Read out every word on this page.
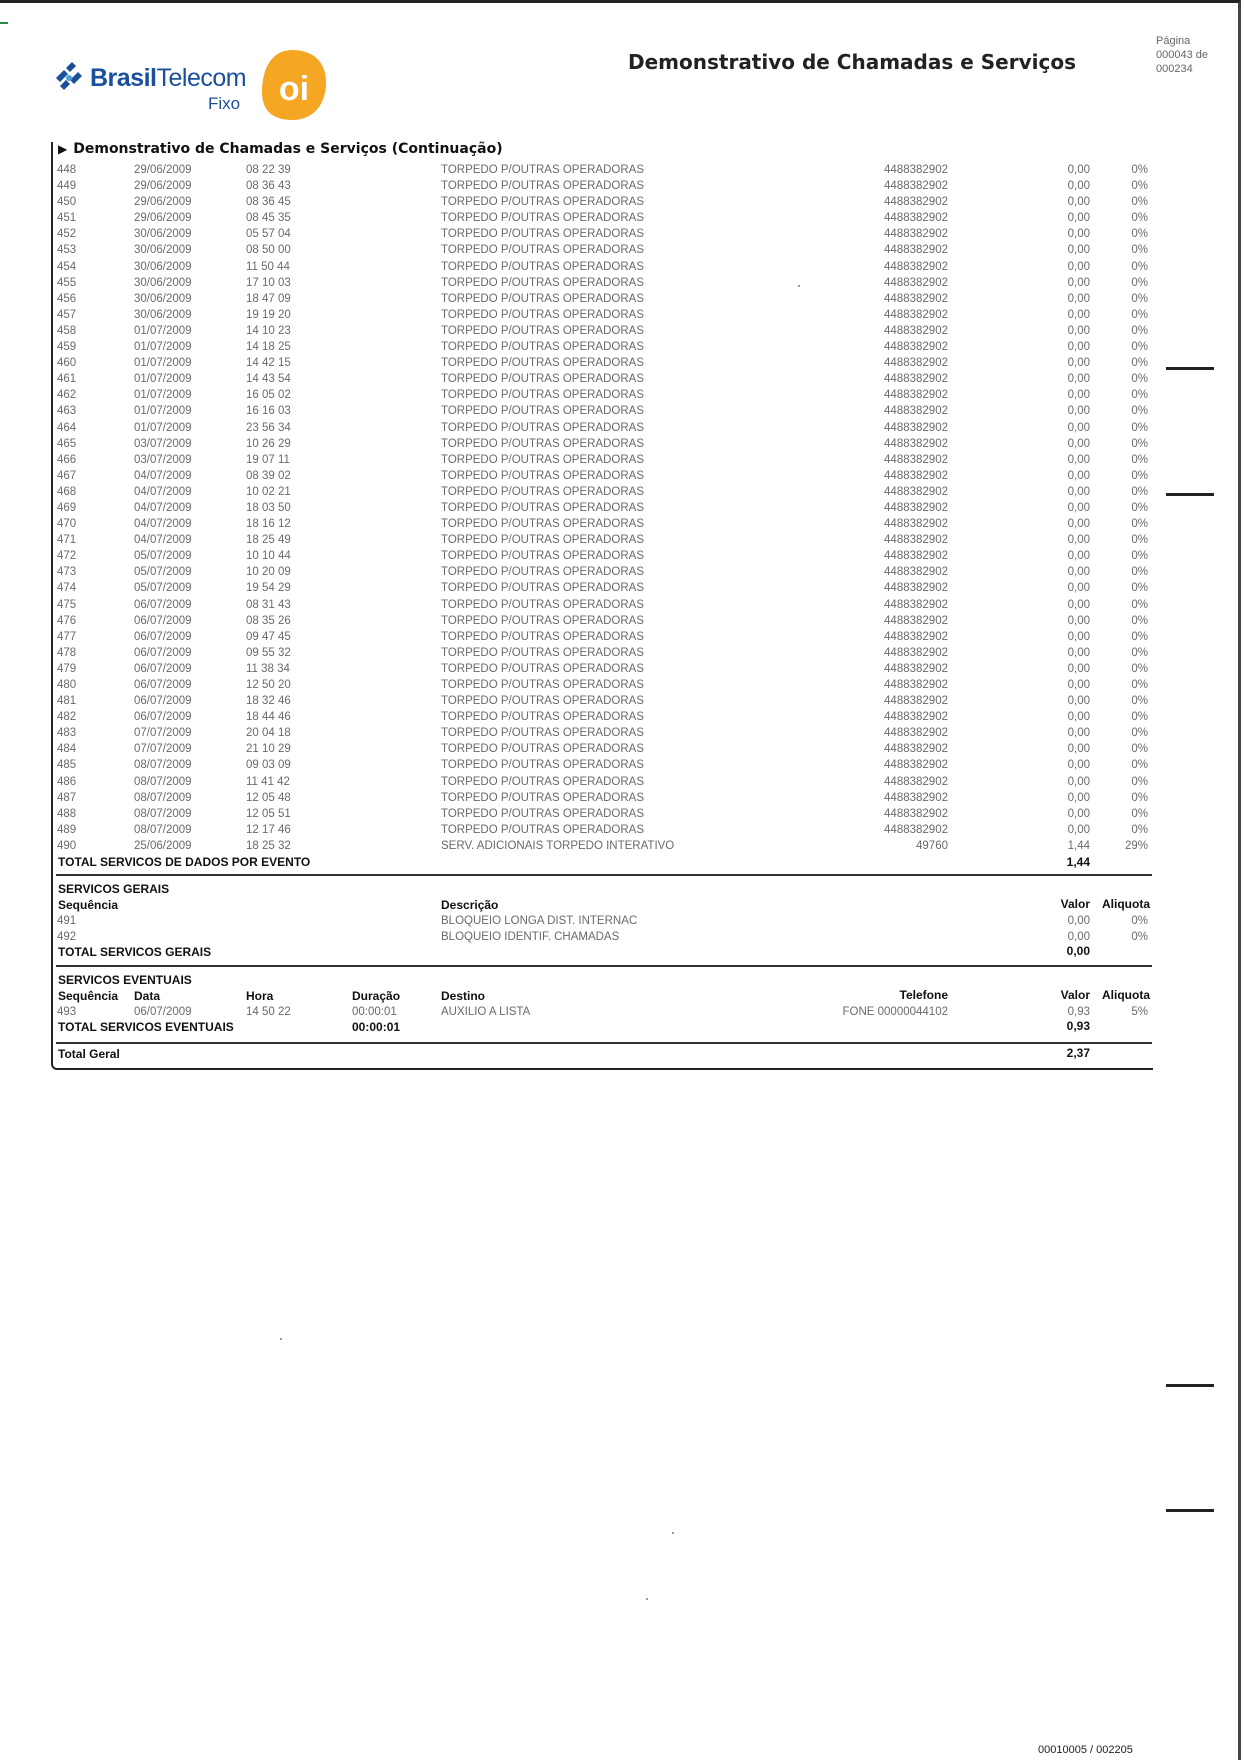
BrasilTelecom
Fixo oi
Demonstrativo de Chamadas e Serviços
Página
000043 de
000234
▶ Demonstrativo de Chamadas e Serviços (Continuação)
448	29/06/2009	08 22 39	TORPEDO P/OUTRAS OPERADORAS	4488382902	0,00	0%
449	29/06/2009	08 36 43	TORPEDO P/OUTRAS OPERADORAS	4488382902	0,00	0%
450	29/06/2009	08 36 45	TORPEDO P/OUTRAS OPERADORAS	4488382902	0,00	0%
451	29/06/2009	08 45 35	TORPEDO P/OUTRAS OPERADORAS	4488382902	0,00	0%
452	30/06/2009	05 57 04	TORPEDO P/OUTRAS OPERADORAS	4488382902	0,00	0%
453	30/06/2009	08 50 00	TORPEDO P/OUTRAS OPERADORAS	4488382902	0,00	0%
454	30/06/2009	11 50 44	TORPEDO P/OUTRAS OPERADORAS	4488382902	0,00	0%
455	30/06/2009	17 10 03	TORPEDO P/OUTRAS OPERADORAS	4488382902	0,00	0%
456	30/06/2009	18 47 09	TORPEDO P/OUTRAS OPERADORAS	4488382902	0,00	0%
457	30/06/2009	19 19 20	TORPEDO P/OUTRAS OPERADORAS	4488382902	0,00	0%
458	01/07/2009	14 10 23	TORPEDO P/OUTRAS OPERADORAS	4488382902	0,00	0%
459	01/07/2009	14 18 25	TORPEDO P/OUTRAS OPERADORAS	4488382902	0,00	0%
460	01/07/2009	14 42 15	TORPEDO P/OUTRAS OPERADORAS	4488382902	0,00	0%
461	01/07/2009	14 43 54	TORPEDO P/OUTRAS OPERADORAS	4488382902	0,00	0%
462	01/07/2009	16 05 02	TORPEDO P/OUTRAS OPERADORAS	4488382902	0,00	0%
463	01/07/2009	16 16 03	TORPEDO P/OUTRAS OPERADORAS	4488382902	0,00	0%
464	01/07/2009	23 56 34	TORPEDO P/OUTRAS OPERADORAS	4488382902	0,00	0%
465	03/07/2009	10 26 29	TORPEDO P/OUTRAS OPERADORAS	4488382902	0,00	0%
466	03/07/2009	19 07 11	TORPEDO P/OUTRAS OPERADORAS	4488382902	0,00	0%
467	04/07/2009	08 39 02	TORPEDO P/OUTRAS OPERADORAS	4488382902	0,00	0%
468	04/07/2009	10 02 21	TORPEDO P/OUTRAS OPERADORAS	4488382902	0,00	0%
469	04/07/2009	18 03 50	TORPEDO P/OUTRAS OPERADORAS	4488382902	0,00	0%
470	04/07/2009	18 16 12	TORPEDO P/OUTRAS OPERADORAS	4488382902	0,00	0%
471	04/07/2009	18 25 49	TORPEDO P/OUTRAS OPERADORAS	4488382902	0,00	0%
472	05/07/2009	10 10 44	TORPEDO P/OUTRAS OPERADORAS	4488382902	0,00	0%
473	05/07/2009	10 20 09	TORPEDO P/OUTRAS OPERADORAS	4488382902	0,00	0%
474	05/07/2009	19 54 29	TORPEDO P/OUTRAS OPERADORAS	4488382902	0,00	0%
475	06/07/2009	08 31 43	TORPEDO P/OUTRAS OPERADORAS	4488382902	0,00	0%
476	06/07/2009	08 35 26	TORPEDO P/OUTRAS OPERADORAS	4488382902	0,00	0%
477	06/07/2009	09 47 45	TORPEDO P/OUTRAS OPERADORAS	4488382902	0,00	0%
478	06/07/2009	09 55 32	TORPEDO P/OUTRAS OPERADORAS	4488382902	0,00	0%
479	06/07/2009	11 38 34	TORPEDO P/OUTRAS OPERADORAS	4488382902	0,00	0%
480	06/07/2009	12 50 20	TORPEDO P/OUTRAS OPERADORAS	4488382902	0,00	0%
481	06/07/2009	18 32 46	TORPEDO P/OUTRAS OPERADORAS	4488382902	0,00	0%
482	06/07/2009	18 44 46	TORPEDO P/OUTRAS OPERADORAS	4488382902	0,00	0%
483	07/07/2009	20 04 18	TORPEDO P/OUTRAS OPERADORAS	4488382902	0,00	0%
484	07/07/2009	21 10 29	TORPEDO P/OUTRAS OPERADORAS	4488382902	0,00	0%
485	08/07/2009	09 03 09	TORPEDO P/OUTRAS OPERADORAS	4488382902	0,00	0%
486	08/07/2009	11 41 42	TORPEDO P/OUTRAS OPERADORAS	4488382902	0,00	0%
487	08/07/2009	12 05 48	TORPEDO P/OUTRAS OPERADORAS	4488382902	0,00	0%
488	08/07/2009	12 05 51	TORPEDO P/OUTRAS OPERADORAS	4488382902	0,00	0%
489	08/07/2009	12 17 46	TORPEDO P/OUTRAS OPERADORAS	4488382902	0,00	0%
490	25/06/2009	18 25 32	SERV. ADICIONAIS TORPEDO INTERATIVO	49760	1,44	29%
TOTAL SERVICOS DE DADOS POR EVENTO	1,44
SERVICOS GERAIS
Sequência	Descrição	Valor	Aliquota
491	BLOQUEIO LONGA DIST. INTERNAC	0,00	0%
492	BLOQUEIO IDENTIF. CHAMADAS	0,00	0%
TOTAL SERVICOS GERAIS	0,00
SERVICOS EVENTUAIS
Sequência Data	Hora	Duração	Destino	Telefone	Valor	Aliquota
493	06/07/2009	14 50 22	00:00:01	AUXILIO A LISTA	FONE 00000044102	0,93	5%
TOTAL SERVICOS EVENTUAIS	00:00:01	0,93
Total Geral	2,37
00010005 / 002205
